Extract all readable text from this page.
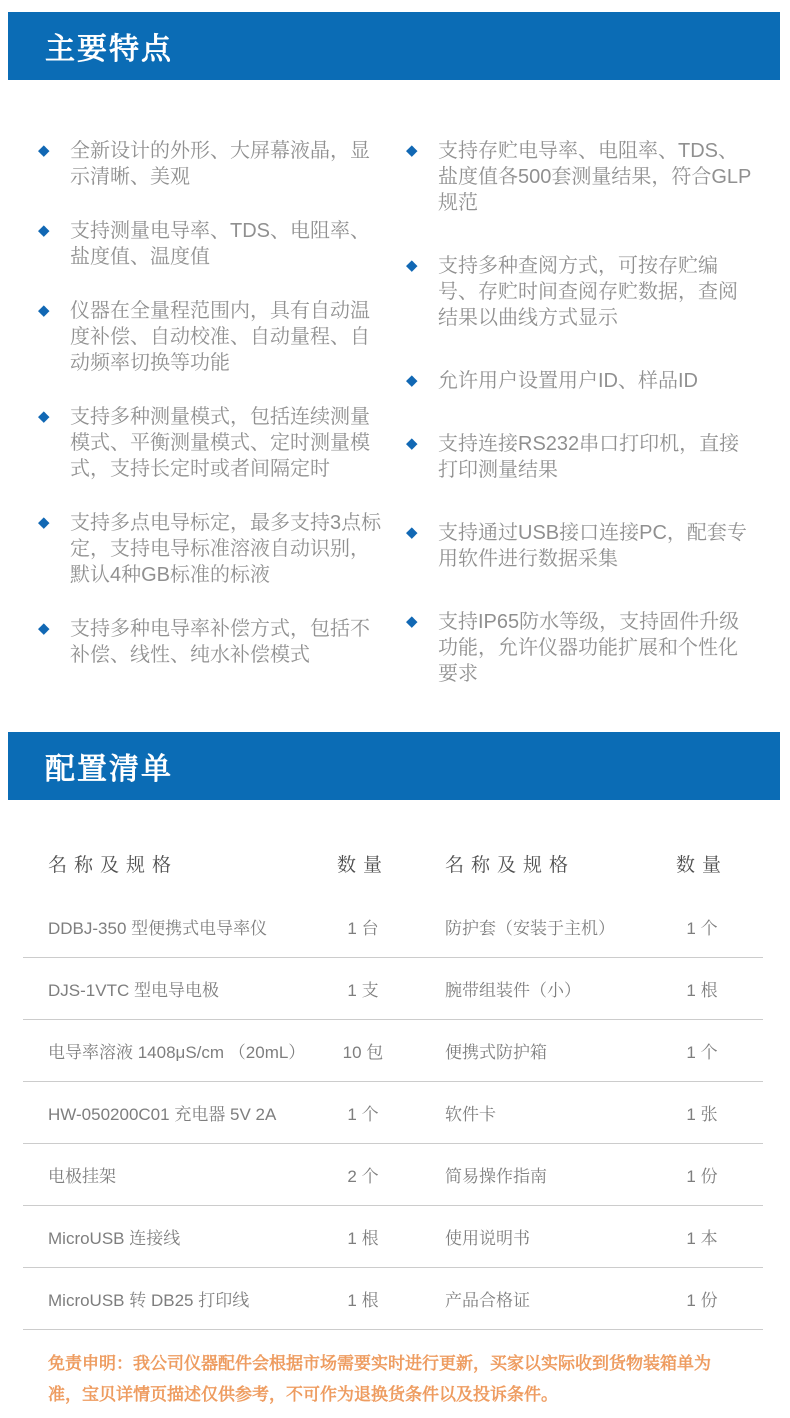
主要特点
◆	全新设计的外形、大屏幕液晶，显示清晰、美观
◆	支持测量电导率、TDS、电阻率、盐度值、温度值
◆	仪器在全量程范围内，具有自动温度补偿、自动校准、自动量程、自动频率切换等功能
◆	支持多种测量模式，包括连续测量模式、平衡测量模式、定时测量模式，支持长定时或者间隔定时
◆	支持多点电导标定，最多支持3点标定，支持电导标准溶液自动识别，默认4种GB标准的标液
◆	支持多种电导率补偿方式，包括不补偿、线性、纯水补偿模式
◆	支持存贮电导率、电阻率、TDS、盐度值各500套测量结果，符合GLP规范
◆	支持多种查阅方式，可按存贮编号、存贮时间查阅存贮数据，查阅结果以曲线方式显示
◆	允许用户设置用户ID、样品ID
◆	支持连接RS232串口打印机，直接打印测量结果
◆	支持通过USB接口连接PC，配套专用软件进行数据采集
◆	支持IP65防水等级，支持固件升级功能，允许仪器功能扩展和个性化要求
配置清单
名称及规格	数量	名称及规格	数量
DDBJ-350 型便携式电导率仪	1 台	防护套（安装于主机）	1 个
DJS-1VTC 型电导电极	1 支	腕带组装件（小）	1 根
电导率溶液 1408μS/cm （20mL）	10 包	便携式防护箱	1 个
HW-050200C01 充电器 5V 2A	1 个	软件卡	1 张
电极挂架	2 个	简易操作指南	1 份
MicroUSB 连接线	1 根	使用说明书	1 本
MicroUSB 转 DB25 打印线	1 根	产品合格证	1 份

免责申明：我公司仪器配件会根据市场需要实时进行更新，买家以实际收到货物装箱单为准，宝贝详情页描述仅供参考，不可作为退换货条件以及投诉条件。
